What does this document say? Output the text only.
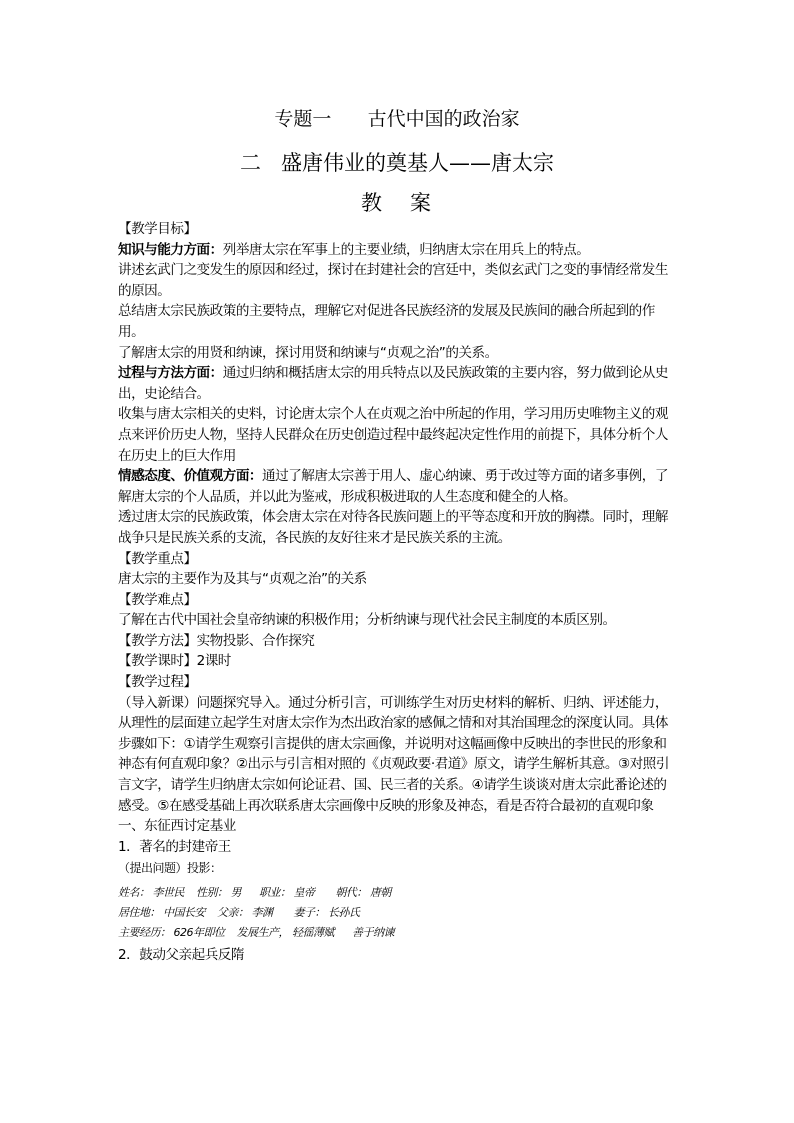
专题一      古代中国的政治家
二   盛唐伟业的奠基人——唐太宗
教   案

【教学目标】

知识与能力方面：列举唐太宗在军事上的主要业绩，归纳唐太宗在用兵上的特点。

讲述玄武门之变发生的原因和经过，探讨在封建社会的宫廷中，类似玄武门之变的事情经常发生的原因。

总结唐太宗民族政策的主要特点，理解它对促进各民族经济的发展及民族间的融合所起到的作用。

了解唐太宗的用贤和纳谏，探讨用贤和纳谏与“贞观之治”的关系。

过程与方法方面：通过归纳和概括唐太宗的用兵特点以及民族政策的主要内容，努力做到论从史出，史论结合。

收集与唐太宗相关的史料，讨论唐太宗个人在贞观之治中所起的作用，学习用历史唯物主义的观点来评价历史人物，坚持人民群众在历史创造过程中最终起决定性作用的前提下，具体分析个人在历史上的巨大作用

情感态度、价值观方面：通过了解唐太宗善于用人、虚心纳谏、勇于改过等方面的诸多事例，了解唐太宗的个人品质，并以此为鉴戒，形成积极进取的人生态度和健全的人格。

透过唐太宗的民族政策，体会唐太宗在对待各民族问题上的平等态度和开放的胸襟。同时，理解战争只是民族关系的支流，各民族的友好往来才是民族关系的主流。

【教学重点】

唐太宗的主要作为及其与“贞观之治”的关系

【教学难点】

了解在古代中国社会皇帝纳谏的积极作用；分析纳谏与现代社会民主制度的本质区别。

【教学方法】实物投影、合作探究

【教学课时】2课时

【教学过程】

（导入新课）问题探究导入。通过分析引言，可训练学生对历史材料的解析、归纳、评述能力，从理性的层面建立起学生对唐太宗作为杰出政治家的感佩之情和对其治国理念的深度认同。具体步骤如下：①请学生观察引言提供的唐太宗画像，并说明对这幅画像中反映出的李世民的形象和神态有何直观印象？②出示与引言相对照的《贞观政要·君道》原文，请学生解析其意。③对照引言文字，请学生归纳唐太宗如何论证君、国、民三者的关系。④请学生谈谈对唐太宗此番论述的感受。⑤在感受基础上再次联系唐太宗画像中反映的形象及神态，看是否符合最初的直观印象

一、东征西讨定基业

1．著名的封建帝王

（提出问题）投影：

姓名： 李世民    性别： 男      职业： 皇帝       朝代： 唐朝

居住地： 中国长安    父亲： 李渊       妻子： 长孙氏

主要经历： 626年即位    发展生产， 轻徭薄赋      善于纳谏

2．鼓动父亲起兵反隋
